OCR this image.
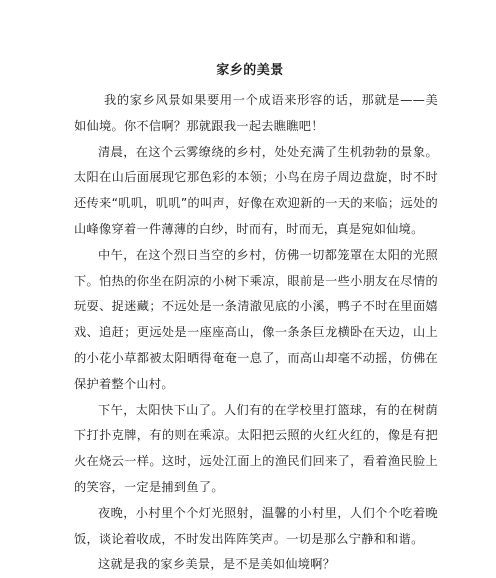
家乡的美景

我的家乡风景如果要用一个成语来形容的话，那就是——美如仙境。你不信啊？那就跟我一起去瞧瞧吧！

清晨，在这个云雾缭绕的乡村，处处充满了生机勃勃的景象。太阳在山后面展现它那色彩的本领；小鸟在房子周边盘旋，时不时还传来“叽叽，叽叽”的叫声，好像在欢迎新的一天的来临；远处的山峰像穿着一件薄薄的白纱，时而有，时而无，真是宛如仙境。

中午，在这个烈日当空的乡村，仿佛一切都笼罩在太阳的光照下。怕热的你坐在阴凉的小树下乘凉，眼前是一些小朋友在尽情的玩耍、捉迷藏；不远处是一条清澈见底的小溪，鸭子不时在里面嬉戏、追赶；更远处是一座座高山，像一条条巨龙横卧在天边，山上的小花小草都被太阳晒得奄奄一息了，而高山却毫不动摇，仿佛在保护着整个山村。

下午，太阳快下山了。人们有的在学校里打篮球，有的在树荫下打扑克牌，有的则在乘凉。太阳把云照的火红火红的，像是有把火在烧云一样。这时，远处江面上的渔民们回来了，看着渔民脸上的笑容，一定是捕到鱼了。

夜晚，小村里个个灯光照射，温馨的小村里，人们个个吃着晚饭，谈论着收成，不时发出阵阵笑声。一切是那么宁静和和谐。

这就是我的家乡美景，是不是美如仙境啊？
